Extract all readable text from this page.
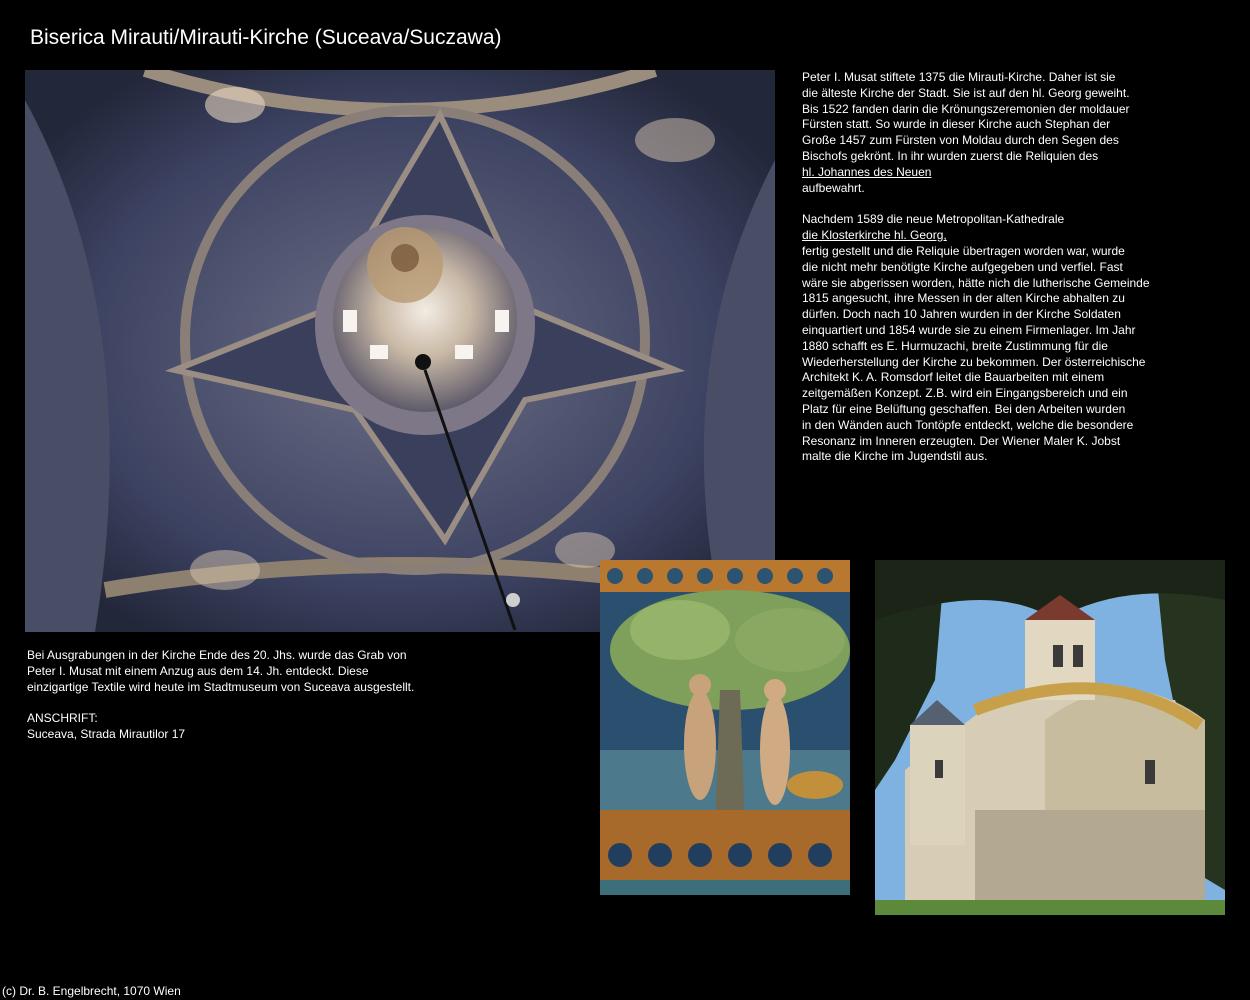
Biserica Mirauti/Mirauti-Kirche (Suceava/Suczawa)

Peter I. Musat stiftete 1375 die Mirauti-Kirche. Daher ist sie

die älteste Kirche der Stadt. Sie ist auf den hl. Georg geweiht.

Bis 1522 fanden darin die Krönungszeremonien der moldauer

Fürsten statt. So wurde in dieser Kirche auch Stephan der

Große 1457 zum Fürsten von Moldau durch den Segen des

Bischofs gekrönt. In ihr wurden zuerst die Reliquien des

hl. Johannes des Neuen

aufbewahrt.

Nachdem 1589 die neue Metropolitan-Kathedrale

die Klosterkirche hl. Georg,

fertig gestellt und die Reliquie übertragen worden war, wurde

die nicht mehr benötigte Kirche aufgegeben und verfiel. Fast

wäre sie abgerissen worden, hätte nich die lutherische Gemeinde

1815 angesucht, ihre Messen in der alten Kirche abhalten zu

dürfen. Doch nach 10 Jahren wurden in der Kirche Soldaten

einquartiert und 1854 wurde sie zu einem Firmenlager. Im Jahr

1880 schafft es E. Hurmuzachi, breite Zustimmung für die

Wiederherstellung der Kirche zu bekommen. Der österreichische

Architekt K. A. Romsdorf leitet die Bauarbeiten mit einem

zeitgemäßen Konzept. Z.B. wird ein Eingangsbereich und ein

Platz für eine Belüftung geschaffen. Bei den Arbeiten wurden

in den Wänden auch Tontöpfe entdeckt, welche die besondere

Resonanz im Inneren erzeugten. Der Wiener Maler K. Jobst

malte die Kirche im Jugendstil aus.

Bei Ausgrabungen in der Kirche Ende des 20. Jhs. wurde das Grab von

Peter I. Musat mit einem Anzug aus dem 14. Jh. entdeckt. Diese

einzigartige Textile wird heute im Stadtmuseum von Suceava ausgestellt.

ANSCHRIFT:

Suceava, Strada Mirautilor 17

(c) Dr. B. Engelbrecht, 1070 Wien
